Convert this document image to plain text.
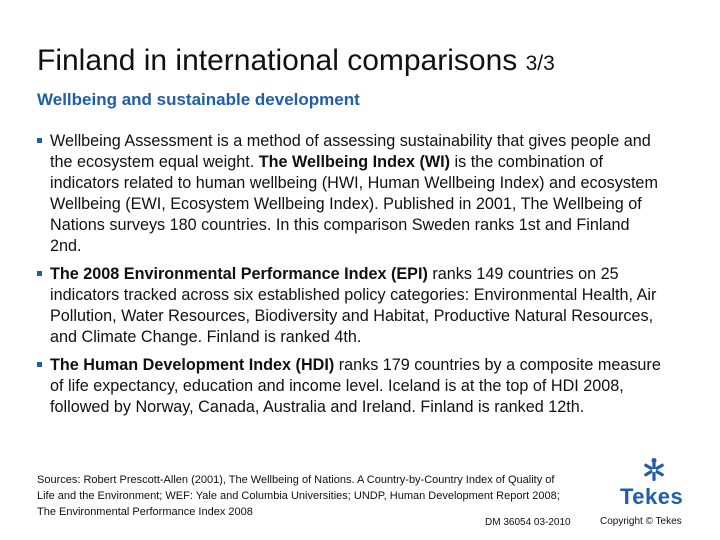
Finland in international comparisons 3/3
Wellbeing and sustainable development
Wellbeing Assessment is a method of assessing sustainability that gives people and the ecosystem equal weight. The Wellbeing Index (WI) is the combination of indicators related to human wellbeing (HWI, Human Wellbeing Index) and ecosystem Wellbeing (EWI, Ecosystem Wellbeing Index). Published in 2001, The Wellbeing of Nations surveys 180 countries. In this comparison Sweden ranks 1st and Finland 2nd.
The 2008 Environmental Performance Index (EPI) ranks 149 countries on 25 indicators tracked across six established policy categories: Environmental Health, Air Pollution, Water Resources, Biodiversity and Habitat, Productive Natural Resources, and Climate Change. Finland is ranked 4th.
The Human Development Index (HDI) ranks 179 countries by a composite measure of life expectancy, education and income level. Iceland is at the top of HDI 2008, followed by Norway, Canada, Australia and Ireland. Finland is ranked 12th.
Sources: Robert Prescott-Allen (2001), The Wellbeing of Nations. A Country-by-Country Index of Quality of Life and the Environment; WEF: Yale and Columbia Universities; UNDP, Human Development Report 2008; The Environmental Performance Index 2008
Tekes
DM 36054 03-2010	Copyright © Tekes
